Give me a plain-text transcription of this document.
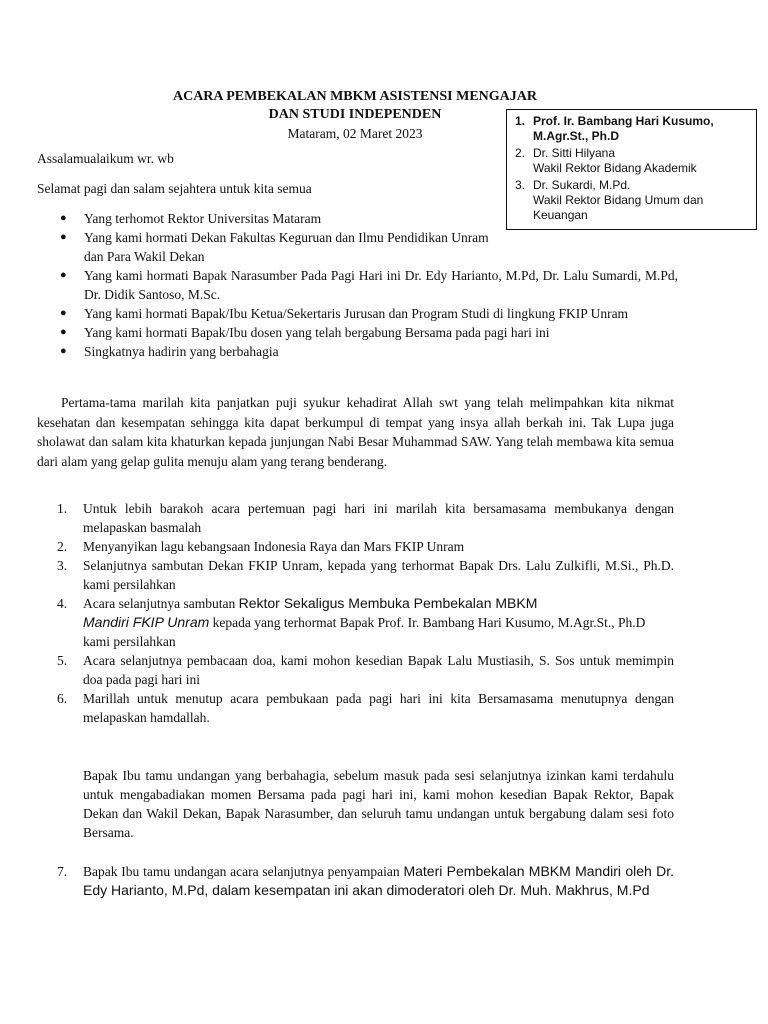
ACARA PEMBEKALAN MBKM ASISTENSI MENGAJAR
DAN STUDI INDEPENDEN
Mataram, 02 Maret 2023
Assalamualaikum wr. wb
Selamat pagi dan salam sejahtera untuk kita semua
1. Prof. Ir. Bambang Hari Kusumo,
M.Agr.St., Ph.D
2. Dr. Sitti Hilyana
Wakil Rektor Bidang Akademik
3. Dr. Sukardi, M.Pd.
Wakil Rektor Bidang Umum dan
Keuangan
●	Yang terhomot Rektor Universitas Mataram
●	Yang kami hormati Dekan Fakultas Keguruan dan Ilmu Pendidikan Unram
dan Para Wakil Dekan
●	Yang kami hormati Bapak Narasumber Pada Pagi Hari ini Dr. Edy Harianto, M.Pd, Dr. Lalu Sumardi, M.Pd, Dr. Didik Santoso, M.Sc.
●	Yang kami hormati Bapak/Ibu Ketua/Sekertaris Jurusan dan Program Studi di lingkung FKIP Unram
●	Yang kami hormati Bapak/Ibu dosen yang telah bergabung Bersama pada pagi hari ini
●	Singkatnya hadirin yang berbahagia
Pertama-tama marilah kita panjatkan puji syukur kehadirat Allah swt yang telah melimpahkan kita nikmat kesehatan dan kesempatan sehingga kita dapat berkumpul di tempat yang insya allah berkah ini. Tak Lupa juga sholawat dan salam kita khaturkan kepada junjungan Nabi Besar Muhammad SAW. Yang telah membawa kita semua dari alam yang gelap gulita menuju alam yang terang benderang.
1.	Untuk lebih barakoh acara pertemuan pagi hari ini marilah kita bersamasama membukanya dengan melapaskan basmalah
2.	Menyanyikan lagu kebangsaan Indonesia Raya dan Mars FKIP Unram
3.	Selanjutnya sambutan Dekan FKIP Unram, kepada yang terhormat Bapak Drs. Lalu Zulkifli, M.Si., Ph.D. kami persilahkan
4.	Acara selanjutnya sambutan Rektor Sekaligus Membuka Pembekalan MBKM
Mandiri FKIP Unram kepada yang terhormat Bapak Prof. Ir. Bambang Hari Kusumo, M.Agr.St., Ph.D
kami persilahkan
5.	Acara selanjutnya pembacaan doa, kami mohon kesedian Bapak Lalu Mustiasih, S. Sos untuk memimpin doa pada pagi hari ini
6.	Marillah untuk menutup acara pembukaan pada pagi hari ini kita Bersamasama menutupnya dengan melapaskan hamdallah.
Bapak Ibu tamu undangan yang berbahagia, sebelum masuk pada sesi selanjutnya izinkan kami terdahulu untuk mengabadiakan momen Bersama pada pagi hari ini, kami mohon kesedian Bapak Rektor, Bapak Dekan dan Wakil Dekan, Bapak Narasumber, dan seluruh tamu undangan untuk bergabung dalam sesi foto Bersama.
7.	Bapak Ibu tamu undangan acara selanjutnya penyampaian Materi Pembekalan MBKM Mandiri oleh Dr. Edy Harianto, M.Pd, dalam kesempatan ini akan dimoderatori oleh Dr. Muh. Makhrus, M.Pd
